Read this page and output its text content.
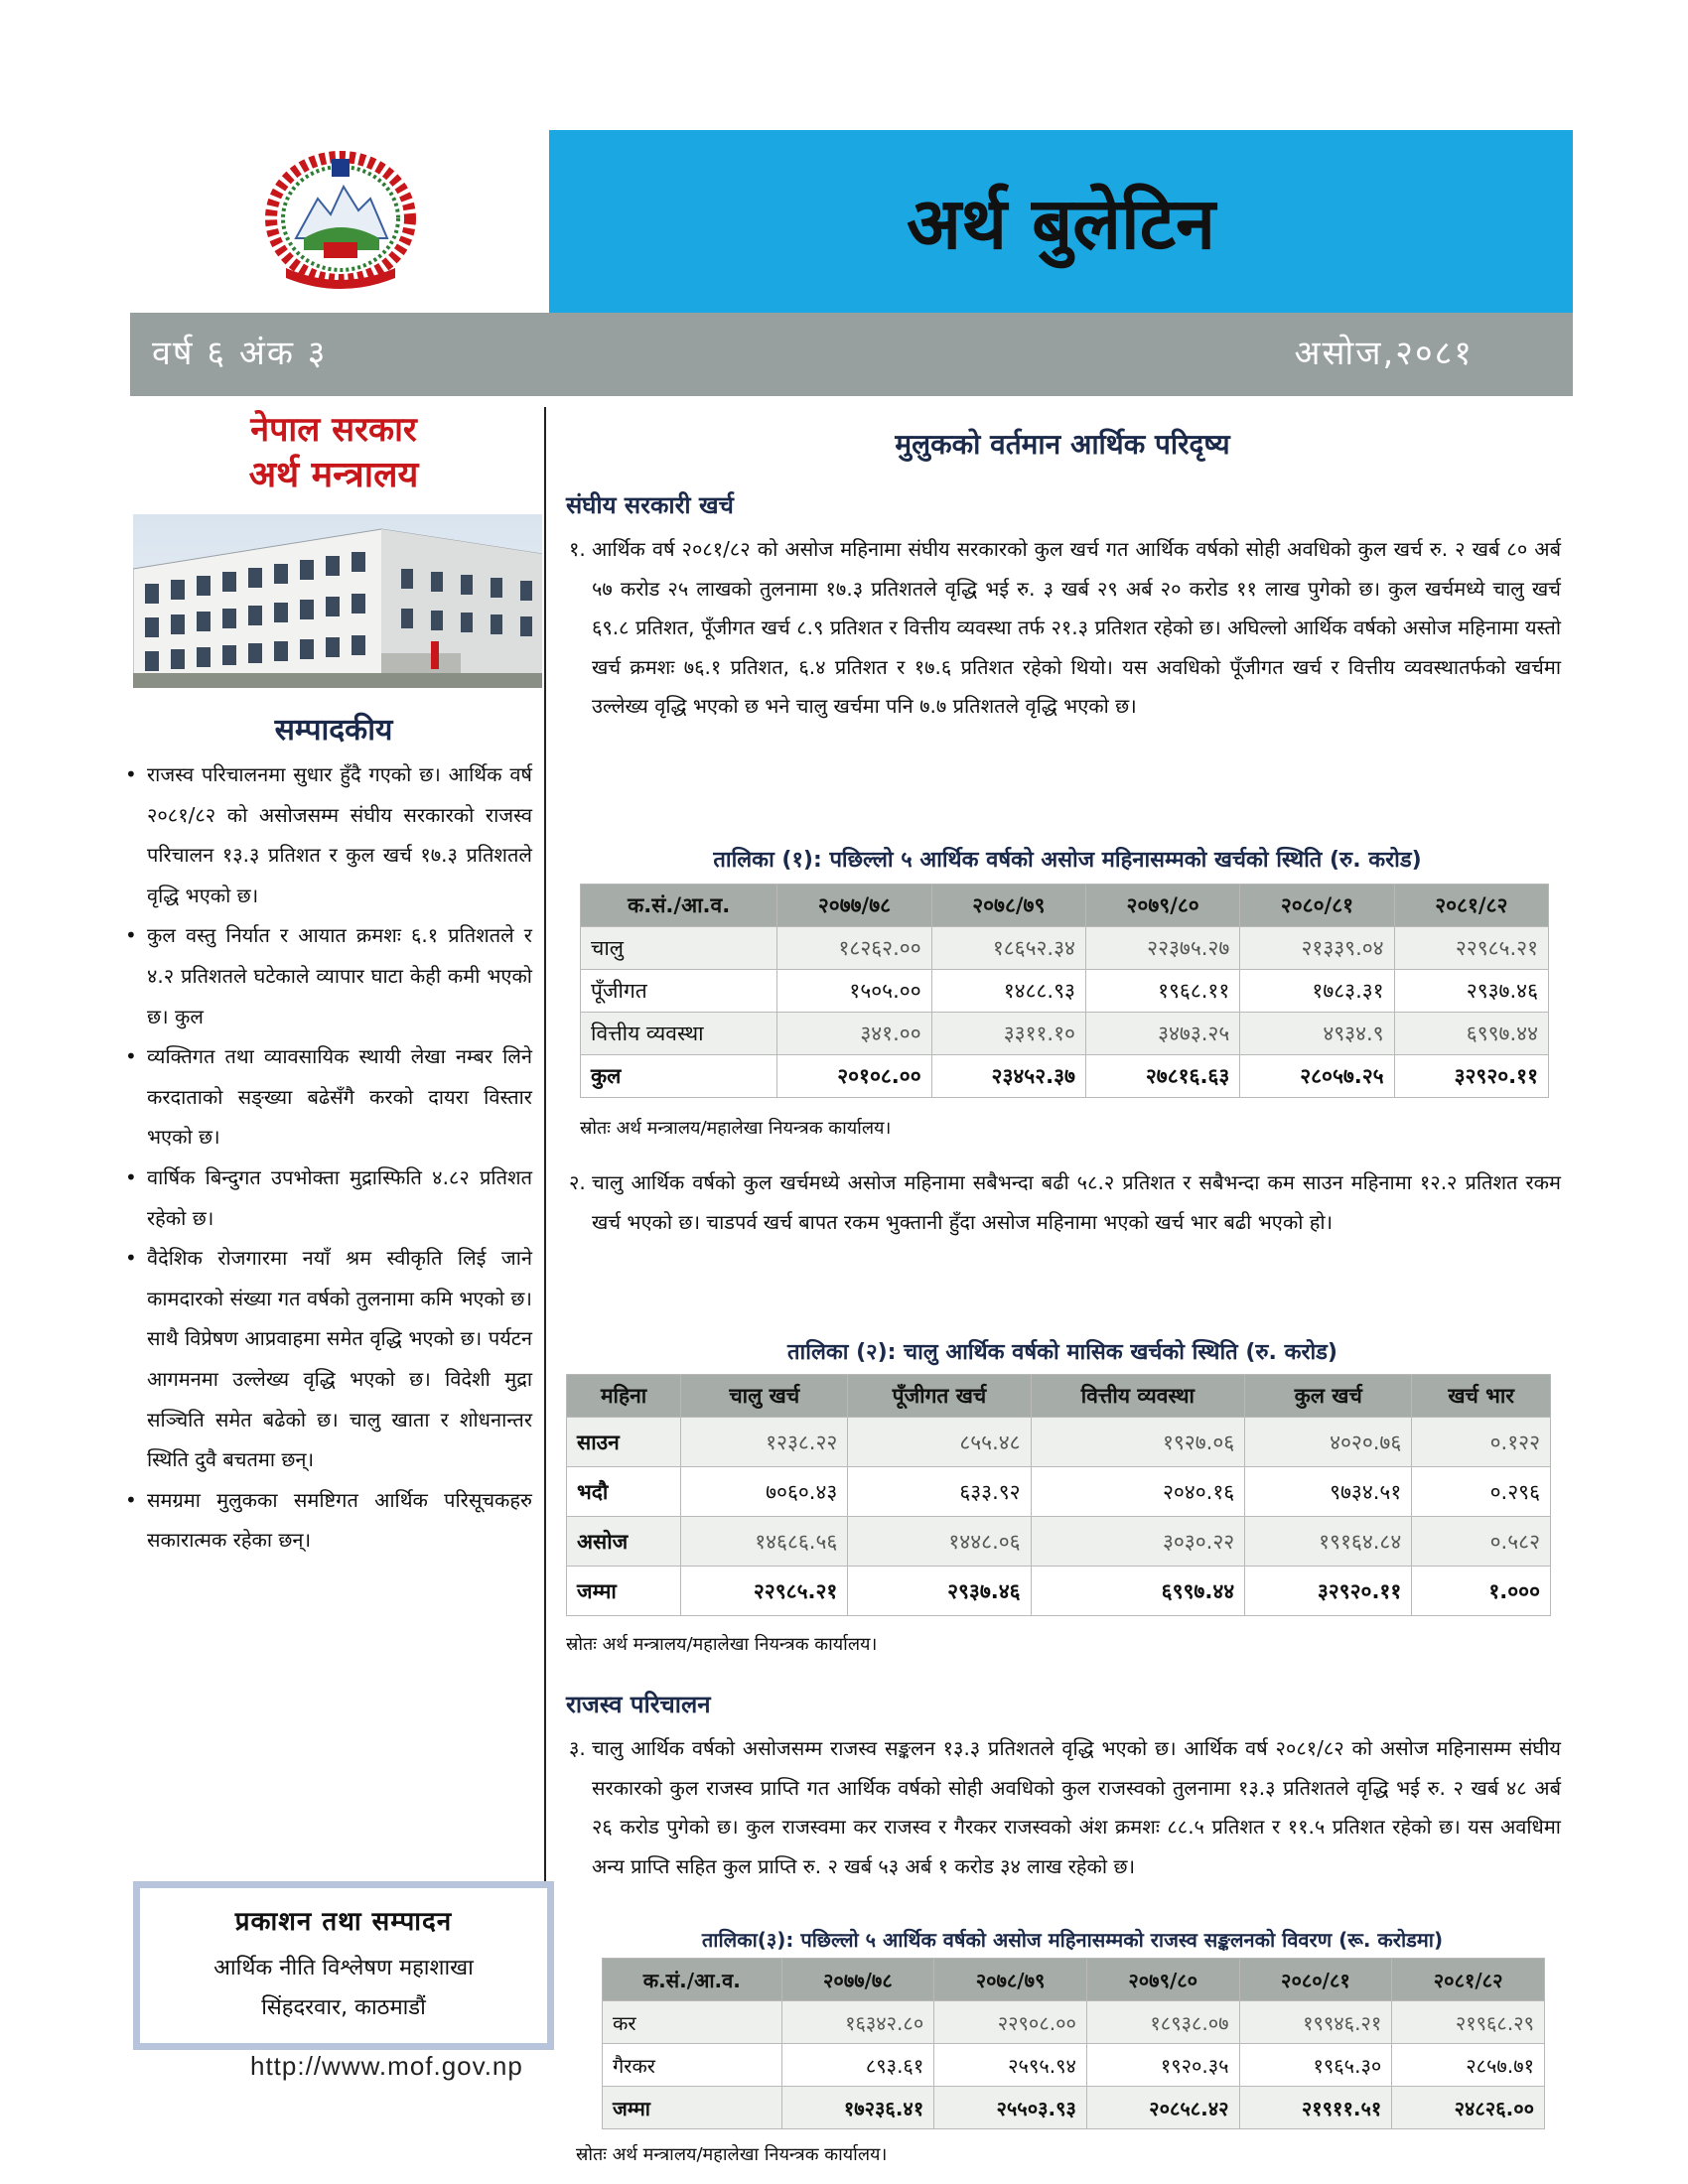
अर्थ बुलेटिन
वर्ष ६ अंक ३	असोज,२०८१
नेपाल सरकार
अर्थ मन्त्रालय
सम्पादकीय
• राजस्व परिचालनमा सुधार हुँदै गएको छ। आर्थिक वर्ष २०८१/८२ को असोजसम्म संघीय सरकारको राजस्व परिचालन १३.३ प्रतिशत र कुल खर्च १७.३ प्रतिशतले वृद्धि भएको छ।
• कुल वस्तु निर्यात र आयात क्रमशः ६.१ प्रतिशतले र ४.२ प्रतिशतले घटेकाले व्यापार घाटा केही कमी भएको छ। कुल
• व्यक्तिगत तथा व्यावसायिक स्थायी लेखा नम्बर लिने करदाताको सङ्ख्या बढेसँगै करको दायरा विस्तार भएको छ।
• वार्षिक बिन्दुगत उपभोक्ता मुद्रास्फिति ४.८२ प्रतिशत रहेको छ।
• वैदेशिक रोजगारमा नयाँ श्रम स्वीकृति लिई जाने कामदारको संख्या गत वर्षको तुलनामा कमि भएको छ। साथै विप्रेषण आप्रवाहमा समेत वृद्धि भएको छ। पर्यटन आगमनमा उल्लेख्य वृद्धि भएको छ। विदेशी मुद्रा सञ्चिति समेत बढेको छ। चालु खाता र शोधनान्तर स्थिति दुवै बचतमा छन्।
• समग्रमा मुलुकका समष्टिगत आर्थिक परिसूचकहरु सकारात्मक रहेका छन्।
प्रकाशन तथा सम्पादन
आर्थिक नीति विश्लेषण महाशाखा
सिंहदरवार, काठमाडौं
http://www.mof.gov.np
मुलुकको वर्तमान आर्थिक परिदृष्य
संघीय सरकारी खर्च
१. आर्थिक वर्ष २०८१/८२ को असोज महिनामा संघीय सरकारको कुल खर्च गत आर्थिक वर्षको सोही अवधिको कुल खर्च रु. २ खर्ब ८० अर्ब ५७ करोड २५ लाखको तुलनामा १७.३ प्रतिशतले वृद्धि भई रु. ३ खर्ब २९ अर्ब २० करोड ११ लाख पुगेको छ। कुल खर्चमध्ये चालु खर्च ६९.८ प्रतिशत, पूँजीगत खर्च ८.९ प्रतिशत र वित्तीय व्यवस्था तर्फ २१.३ प्रतिशत रहेको छ। अघिल्लो आर्थिक वर्षको असोज महिनामा यस्तो खर्च क्रमशः ७६.१ प्रतिशत, ६.४ प्रतिशत र १७.६ प्रतिशत रहेको थियो। यस अवधिको पूँजीगत खर्च र वित्तीय व्यवस्थातर्फको खर्चमा उल्लेख्य वृद्धि भएको छ भने चालु खर्चमा पनि ७.७ प्रतिशतले वृद्धि भएको छ।
तालिका (१): पछिल्लो ५ आर्थिक वर्षको असोज महिनासम्मको खर्चको स्थिति (रु. करोड)
क.सं./आ.व.	२०७७/७८	२०७८/७९	२०७९/८०	२०८०/८१	२०८१/८२
चालु	१८२६२.००	१८६५२.३४	२२३७५.२७	२१३३९.०४	२२९८५.२१
पूँजीगत	१५०५.००	१४८८.९३	१९६८.११	१७८३.३१	२९३७.४६
वित्तीय व्यवस्था	३४१.००	३३११.१०	३४७३.२५	४९३४.९	६९९७.४४
कुल	२०१०८.००	२३४५२.३७	२७८१६.६३	२८०५७.२५	३२९२०.११
स्रोतः अर्थ मन्त्रालय/महालेखा नियन्त्रक कार्यालय।
२. चालु आर्थिक वर्षको कुल खर्चमध्ये असोज महिनामा सबैभन्दा बढी ५८.२ प्रतिशत र सबैभन्दा कम साउन महिनामा १२.२ प्रतिशत रकम खर्च भएको छ। चाडपर्व खर्च बापत रकम भुक्तानी हुँदा असोज महिनामा भएको खर्च भार बढी भएको हो।
तालिका (२): चालु आर्थिक वर्षको मासिक खर्चको स्थिति (रु. करोड)
महिना	चालु खर्च	पूँजीगत खर्च	वित्तीय व्यवस्था	कुल खर्च	खर्च भार
साउन	१२३८.२२	८५५.४८	१९२७.०६	४०२०.७६	०.१२२
भदौ	७०६०.४३	६३३.९२	२०४०.१६	९७३४.५१	०.२९६
असोज	१४६८६.५६	१४४८.०६	३०३०.२२	१९१६४.८४	०.५८२
जम्मा	२२९८५.२१	२९३७.४६	६९९७.४४	३२९२०.११	१.०००
स्रोतः अर्थ मन्त्रालय/महालेखा नियन्त्रक कार्यालय।
राजस्व परिचालन
३. चालु आर्थिक वर्षको असोजसम्म राजस्व सङ्कलन १३.३ प्रतिशतले वृद्धि भएको छ। आर्थिक वर्ष २०८१/८२ को असोज महिनासम्म संघीय सरकारको कुल राजस्व प्राप्ति गत आर्थिक वर्षको सोही अवधिको कुल राजस्वको तुलनामा १३.३ प्रतिशतले वृद्धि भई रु. २ खर्ब ४८ अर्ब २६ करोड पुगेको छ। कुल राजस्वमा कर राजस्व र गैरकर राजस्वको अंश क्रमशः ८८.५ प्रतिशत र ११.५ प्रतिशत रहेको छ। यस अवधिमा अन्य प्राप्ति सहित कुल प्राप्ति रु. २ खर्ब ५३ अर्ब १ करोड ३४ लाख रहेको छ।
तालिका(३): पछिल्लो ५ आर्थिक वर्षको असोज महिनासम्मको राजस्व सङ्कलनको विवरण (रू. करोडमा)
क.सं./आ.व.	२०७७/७८	२०७८/७९	२०७९/८०	२०८०/८१	२०८१/८२
कर	१६३४२.८०	२२९०८.००	१८९३८.०७	१९९४६.२१	२१९६८.२९
गैरकर	८९३.६१	२५९५.९४	१९२०.३५	१९६५.३०	२८५७.७१
जम्मा	१७२३६.४१	२५५०३.९३	२०८५८.४२	२१९११.५१	२४८२६.००
स्रोतः अर्थ मन्त्रालय/महालेखा नियन्त्रक कार्यालय।
